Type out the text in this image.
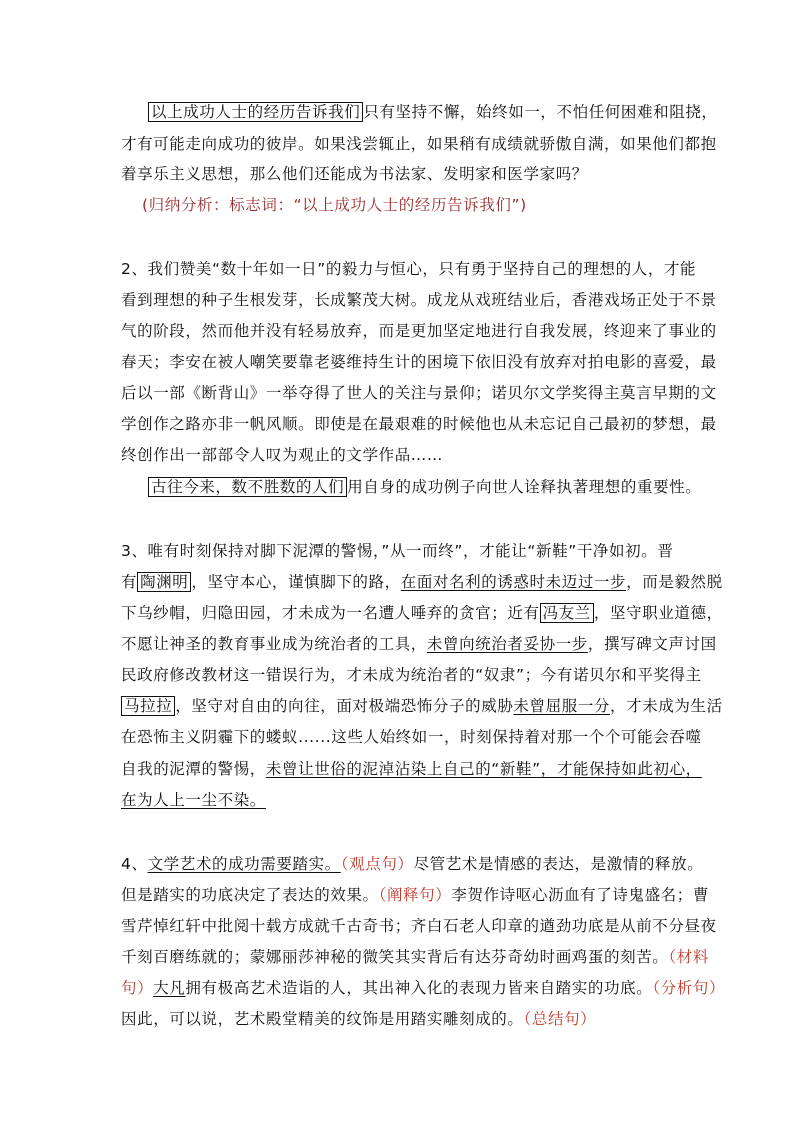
以上成功人士的经历告诉我们 只有坚持不懈，始终如一，不怕任何困难和阻挠，
才有可能走向成功的彼岸。如果浅尝辄止，如果稍有成绩就骄傲自满，如果他们都抱
着享乐主义思想，那么他们还能成为书法家、发明家和医学家吗？
(归纳分析：标志词：“以上成功人士的经历告诉我们”)
2、我们赞美“数十年如一日”的毅力与恒心，只有勇于坚持自己的理想的人，才能
看到理想的种子生根发芽，长成繁茂大树。成龙从戏班结业后，香港戏场正处于不景
气的阶段，然而他并没有轻易放弃，而是更加坚定地进行自我发展，终迎来了事业的
春天；李安在被人嘲笑要靠老婆维持生计的困境下依旧没有放弃对拍电影的喜爱，最
后以一部《断背山》一举夺得了世人的关注与景仰；诺贝尔文学奖得主莫言早期的文
学创作之路亦非一帆风顺。即使是在最艰难的时候他也从未忘记自己最初的梦想，最
终创作出一部部令人叹为观止的文学作品……
古往今来，数不胜数的人们 用自身的成功例子向世人诠释执著理想的重要性。
3、唯有时刻保持对脚下泥潭的警惕，”从一而终”，才能让“新鞋”干净如初。晋
有 陶渊明 ，坚守本心，谨慎脚下的路，在面对名利的诱惑时未迈过一步，而是毅然脱
下乌纱帽，归隐田园，才未成为一名遭人唾弃的贪官；近有 冯友兰 ，坚守职业道德，
不愿让神圣的教育事业成为统治者的工具，未曾向统治者妥协一步，撰写碑文声讨国
民政府修改教材这一错误行为，才未成为统治者的“奴隶”；今有诺贝尔和平奖得主
马拉拉 ，坚守对自由的向往，面对极端恐怖分子的威胁未曾屈服一分，才未成为生活
在恐怖主义阴霾下的蝼蚁......这些人始终如一，时刻保持着对那一个个可能会吞噬
自我的泥潭的警惕，未曾让世俗的泥淖沾染上自己的“新鞋”，才能保持如此初心，
在为人上一尘不染。
4、文学艺术的成功需要踏实。（观点句）尽管艺术是情感的表达，是激情的释放。
但是踏实的功底决定了表达的效果。（阐释句）李贺作诗呕心沥血有了诗鬼盛名；曹
雪芹悼红轩中批阅十载方成就千古奇书；齐白石老人印章的遒劲功底是从前不分昼夜
千刻百磨练就的；蒙娜丽莎神秘的微笑其实背后有达芬奇幼时画鸡蛋的刻苦。（材料
句）大凡拥有极高艺术造诣的人，其出神入化的表现力皆来自踏实的功底。（分析句）
因此，可以说，艺术殿堂精美的纹饰是用踏实雕刻成的。（总结句）
